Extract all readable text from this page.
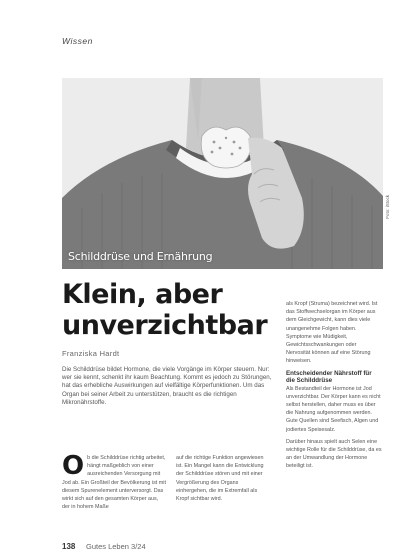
Wissen
Schilddrüse und Ernährung
Foto: iStock
Klein, aber
unverzichtbar
Franziska Hardt
Die Schilddrüse bildet Hormone, die viele Vorgänge im Körper steuern. Nur: wer sie kennt, schenkt ihr kaum Beachtung. Kommt es jedoch zu Störungen, hat das erhebliche Auswirkungen auf vielfältige Körperfunktionen. Um das Organ bei seiner Arbeit zu unterstützen, braucht es die richtigen Mikronährstoffe.
O b die Schilddrüse richtig arbeitet, hängt maßgeblich von einer ausreichenden Versorgung mit Jod ab. Ein Großteil der Bevölkerung ist mit diesem Spurenelement unterversorgt. Das wirkt sich auf den gesamten Körper aus, der in hohem Maße
auf die richtige Funktion angewiesen ist. Ein Mangel kann die Entwicklung der Schilddrüse stören und mit einer Vergrößerung des Organs einhergehen, die im Extremfall als Kropf sichtbar wird.
als Kropf (Struma) bezeichnet wird. Ist das Stoffwechselorgan im Körper aus dem Gleichgewicht, kann dies viele unangenehme Folgen haben. Symptome wie Müdigkeit, Gewichtsschwankungen oder Nervosität können auf eine Störung hinweisen.
Entscheidender Nährstoff für die Schilddrüse
Als Bestandteil der Hormone ist Jod unverzichtbar. Der Körper kann es nicht selbst herstellen, daher muss es über die Nahrung aufgenommen werden. Gute Quellen sind Seefisch, Algen und jodiertes Speisesalz.
Darüber hinaus spielt auch Selen eine wichtige Rolle für die Schilddrüse, da es an der Umwandlung der Hormone beteiligt ist.
138 Gutes Leben 3/24
